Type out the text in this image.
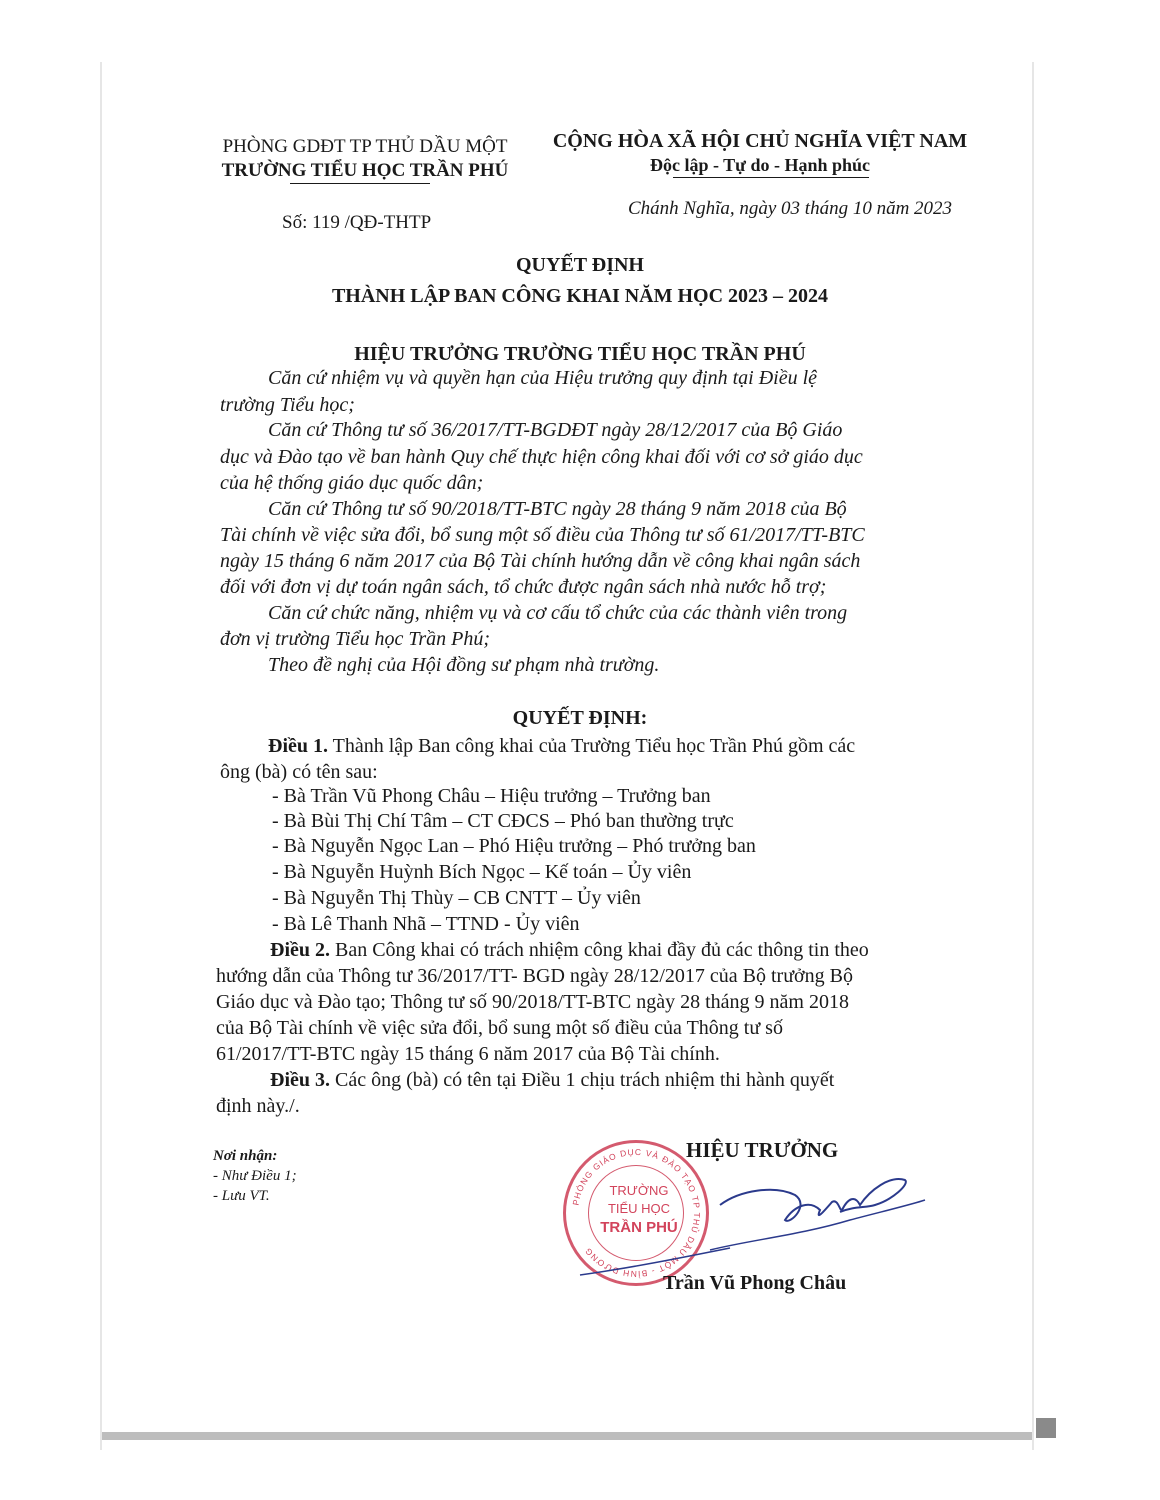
PHÒNG GDĐT TP THỦ DẦU MỘT
TRƯỜNG TIỂU HỌC TRẦN PHÚ
Số: 119 /QĐ-THTP
CỘNG HÒA XÃ HỘI CHỦ NGHĨA VIỆT NAM
Độc lập - Tự do - Hạnh phúc
Chánh Nghĩa, ngày 03 tháng 10 năm 2023
QUYẾT ĐỊNH
THÀNH LẬP BAN CÔNG KHAI NĂM HỌC 2023 – 2024
HIỆU TRƯỞNG TRƯỜNG TIỂU HỌC TRẦN PHÚ
Căn cứ nhiệm vụ và quyền hạn của Hiệu trưởng quy định tại Điều lệ
trường Tiểu học;
Căn cứ Thông tư số 36/2017/TT-BGDĐT ngày 28/12/2017 của Bộ Giáo
dục và Đào tạo về ban hành Quy chế thực hiện công khai đối với cơ sở giáo dục
của hệ thống giáo dục quốc dân;
Căn cứ Thông tư số 90/2018/TT-BTC ngày 28 tháng 9 năm 2018 của Bộ
Tài chính về việc sửa đổi, bổ sung một số điều của Thông tư số 61/2017/TT-BTC
ngày 15 tháng 6 năm 2017 của Bộ Tài chính hướng dẫn về công khai ngân sách
đối với đơn vị dự toán ngân sách, tổ chức được ngân sách nhà nước hỗ trợ;
Căn cứ chức năng, nhiệm vụ và cơ cấu tổ chức của các thành viên trong
đơn vị trường Tiểu học Trần Phú;
Theo đề nghị của Hội đồng sư phạm nhà trường.
QUYẾT ĐỊNH:
Điều 1. Thành lập Ban công khai của Trường Tiểu học Trần Phú gồm các
ông (bà) có tên sau:
- Bà Trần Vũ Phong Châu – Hiệu trưởng – Trưởng ban
- Bà Bùi Thị Chí Tâm – CT CĐCS – Phó ban thường trực
- Bà Nguyễn Ngọc Lan – Phó Hiệu trưởng – Phó trưởng ban
- Bà Nguyễn Huỳnh Bích Ngọc – Kế toán – Ủy viên
- Bà Nguyễn Thị Thùy – CB CNTT – Ủy viên
- Bà Lê Thanh Nhã – TTND - Ủy viên
Điều 2. Ban Công khai có trách nhiệm công khai đầy đủ các thông tin theo
hướng dẫn của Thông tư 36/2017/TT- BGD ngày 28/12/2017 của Bộ trưởng Bộ
Giáo dục và Đào tạo; Thông tư số 90/2018/TT-BTC ngày 28 tháng 9 năm 2018
của Bộ Tài chính về việc sửa đổi, bổ sung một số điều của Thông tư số
61/2017/TT-BTC ngày 15 tháng 6 năm 2017 của Bộ Tài chính.
Điều 3. Các ông (bà) có tên tại Điều 1 chịu trách nhiệm thi hành quyết
định này./.
Nơi nhận:
- Như Điều 1;
- Lưu VT.
HIỆU TRƯỞNG
PHÒNG GIÁO DỤC VÀ ĐÀO TẠO TP THỦ DẦU MỘT - BÌNH DƯƠNG
TRƯỜNG
TIỂU HỌC
TRẦN PHÚ
Trần Vũ Phong Châu
